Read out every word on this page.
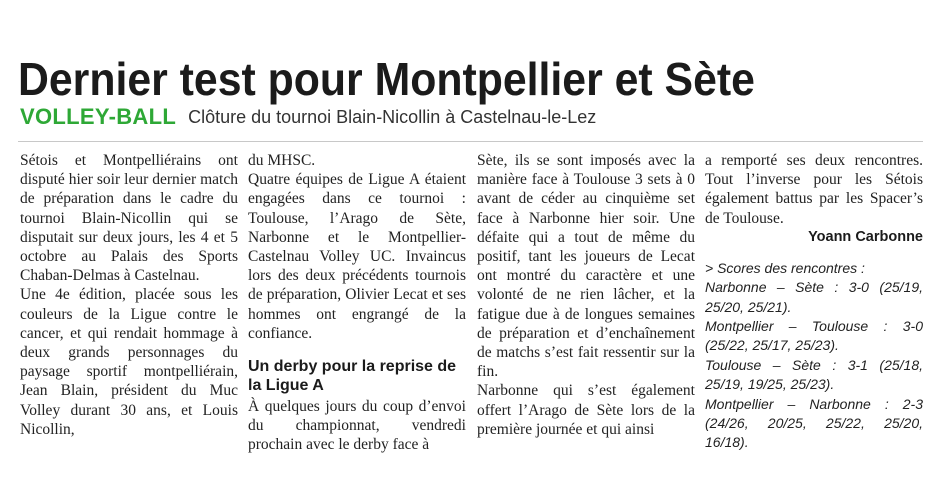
Dernier test pour Montpellier et Sète
VOLLEY-BALL Clôture du tournoi Blain-Nicollin à Castelnau-le-Lez

Sétois et Montpelliérains ont disputé hier soir leur dernier match de préparation dans le cadre du tournoi Blain-Nicollin qui se disputait sur deux jours, les 4 et 5 octobre au Palais des Sports Chaban-Delmas à Castelnau.

Une 4e édition, placée sous les couleurs de la Ligue contre le cancer, et qui rendait hommage à deux grands personnages du paysage sportif montpelliérain, Jean Blain, président du Muc Volley durant 30 ans, et Louis Nicollin,

du MHSC.

Quatre équipes de Ligue A étaient engagées dans ce tournoi : Toulouse, l’Arago de Sète, Narbonne et le Montpellier-Castelnau Volley UC. Invaincus lors des deux précédents tournois de préparation, Olivier Lecat et ses hommes ont engrangé de la confiance.

Un derby pour la reprise de la Ligue A

À quelques jours du coup d’envoi du championnat, vendredi prochain avec le derby face à

Sète, ils se sont imposés avec la manière face à Toulouse 3 sets à 0 avant de céder au cinquième set face à Narbonne hier soir. Une défaite qui a tout de même du positif, tant les joueurs de Lecat ont montré du caractère et une volonté de ne rien lâcher, et la fatigue due à de longues semaines de préparation et d’enchaînement de matchs s’est fait ressentir sur la fin.

Narbonne qui s’est également offert l’Arago de Sète lors de la première journée et qui ainsi

a remporté ses deux rencontres. Tout l’inverse pour les Sétois également battus par les Spacer’s de Toulouse.

Yoann Carbonne

> Scores des rencontres :

Narbonne – Sète : 3-0 (25/19, 25/20, 25/21).

Montpellier – Toulouse : 3-0 (25/22, 25/17, 25/23).

Toulouse – Sète : 3-1 (25/18, 25/19, 19/25, 25/23).

Montpellier – Narbonne : 2-3 (24/26, 20/25, 25/22, 25/20, 16/18).
